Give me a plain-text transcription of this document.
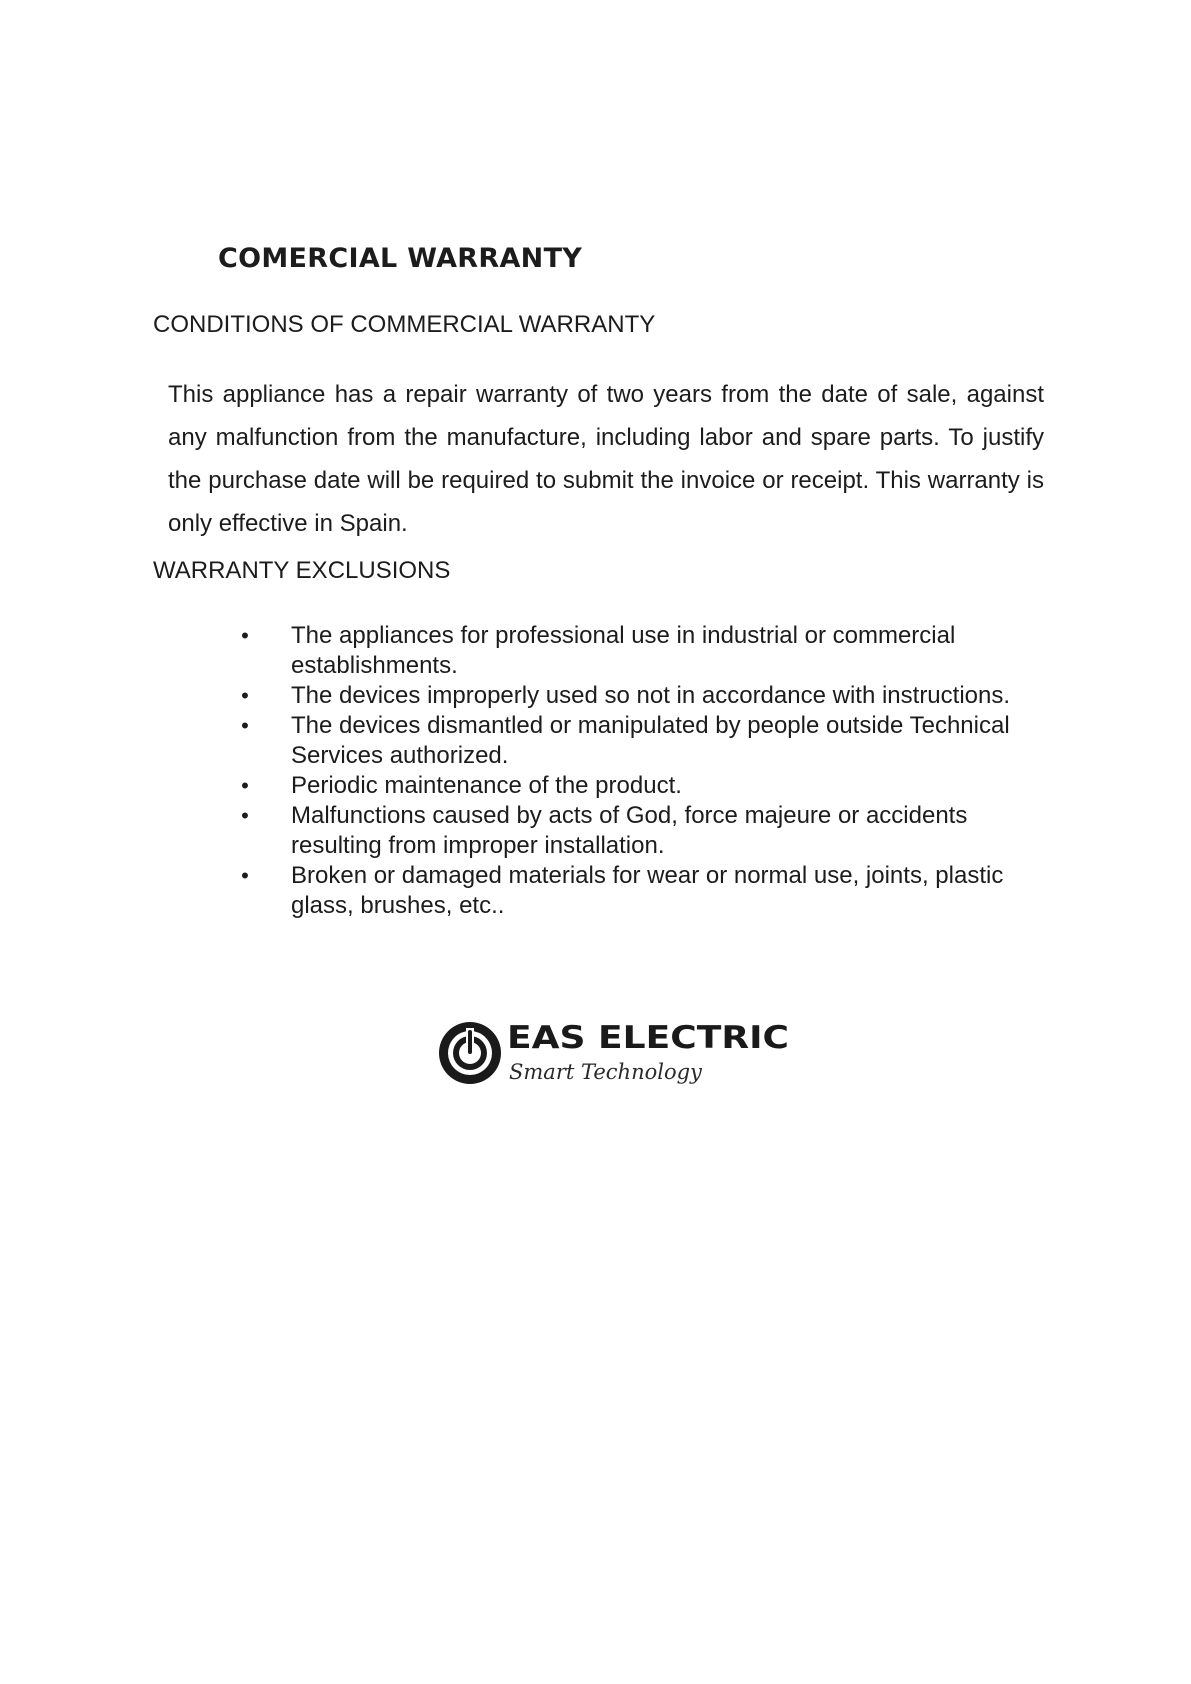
COMERCIAL WARRANTY
CONDITIONS OF COMMERCIAL WARRANTY

This appliance has a repair warranty of two years from the date of sale, against any malfunction from the manufacture, including labor and spare parts. To justify the purchase date will be required to submit the invoice or receipt. This warranty is only effective in Spain.

WARRANTY EXCLUSIONS
• The appliances for professional use in industrial or commercial establishments.
• The devices improperly used so not in accordance with instructions.
• The devices dismantled or manipulated by people outside Technical Services authorized.
• Periodic maintenance of the product.
• Malfunctions caused by acts of God, force majeure or accidents resulting from improper installation.
• Broken or damaged materials for wear or normal use, joints, plastic glass, brushes, etc..
EAS ELECTRIC

Smart Technology
